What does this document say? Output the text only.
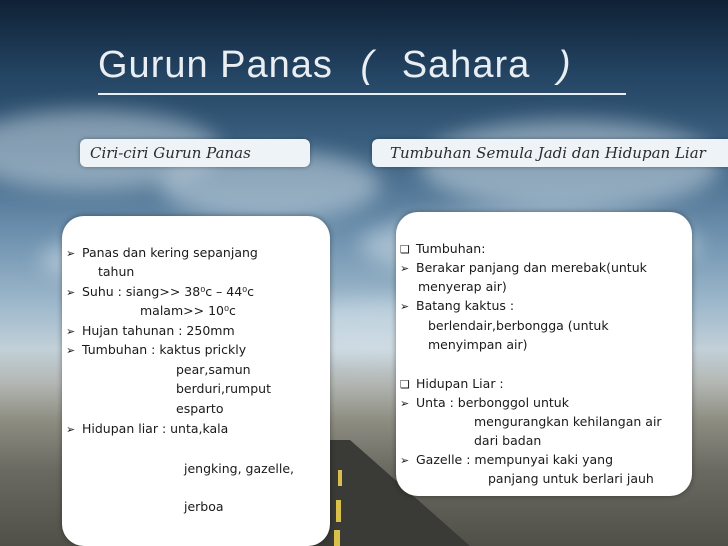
Gurun Panas ( Sahara )
Ciri-ciri Gurun Panas	Tumbuhan Semula Jadi dan Hidupan Liar
➢ Panas dan kering sepanjang
tahun
➢ Suhu : siang>> 38⁰c – 44⁰c
malam>> 10⁰c
➢ Hujan tahunan : 250mm
➢ Tumbuhan : kaktus prickly
pear,samun
berduri,rumput
esparto
➢ Hidupan liar : unta,kala
jengking, gazelle,
jerboa
❑ Tumbuhan:
➢ Berakar panjang dan merebak(untuk
menyerap air)
➢ Batang kaktus :
berlendair,berbongga (untuk
menyimpan air)
❑ Hidupan Liar :
➢ Unta : berbonggol untuk
mengurangkan kehilangan air
dari badan
➢ Gazelle : mempunyai kaki yang
panjang untuk berlari jauh
